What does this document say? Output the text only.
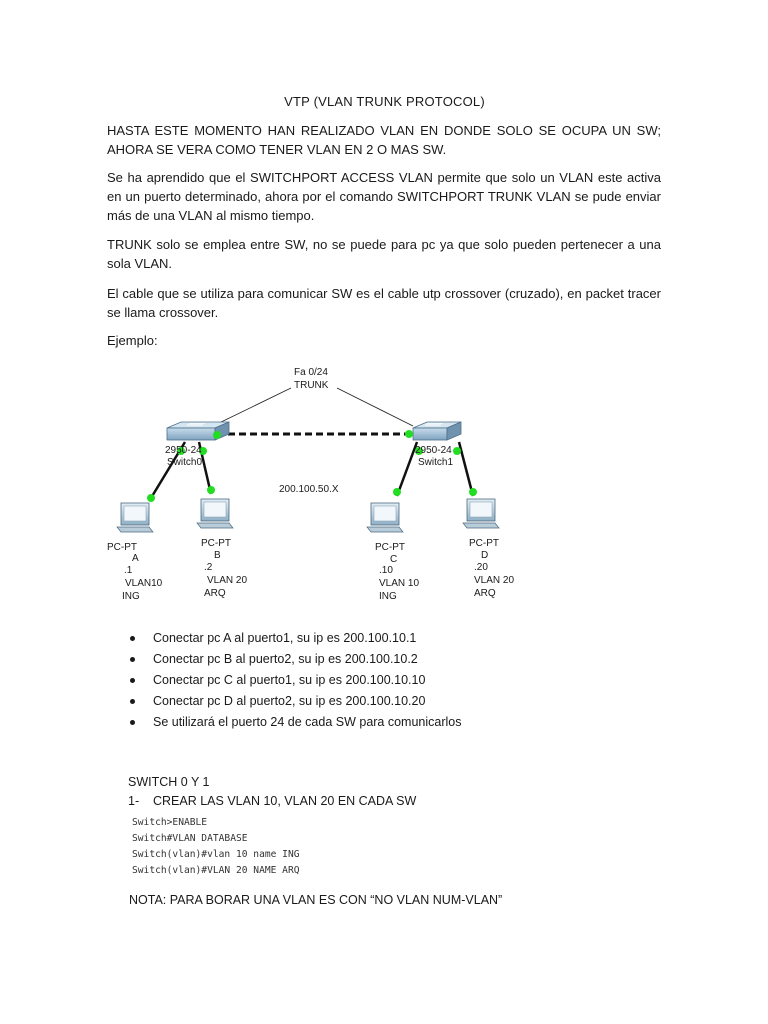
VTP (VLAN TRUNK PROTOCOL)

HASTA ESTE MOMENTO HAN REALIZADO VLAN EN DONDE SOLO SE OCUPA UN SW; AHORA SE VERA COMO TENER VLAN EN 2 O MAS SW.

Se ha aprendido que el SWITCHPORT ACCESS VLAN permite que solo un VLAN este activa en un puerto determinado, ahora por el comando SWITCHPORT TRUNK VLAN se pude enviar más de una VLAN al mismo tiempo.

TRUNK solo se emplea entre SW, no se puede para pc ya que solo pueden pertenecer a una sola VLAN.

El cable que se utiliza para comunicar SW es el cable utp crossover (cruzado), en packet tracer se llama crossover.

Ejemplo:

Fa 0/24
TRUNK
200.100.50.X
2950-24
Switch0
2950-24
Switch1
PC-PT
A
.1
VLAN10
ING
PC-PT
B
.2
VLAN 20
ARQ
PC-PT
C
.10
VLAN 10
ING
PC-PT
D
.20
VLAN 20
ARQ
Conectar pc A al puerto1, su ip es 200.100.10.1
Conectar pc B al puerto2, su ip es 200.100.10.2
Conectar pc C al puerto1, su ip es 200.100.10.10
Conectar pc D al puerto2, su ip es 200.100.10.20
Se utilizará el puerto 24 de cada SW para comunicarlos
SWITCH 0 Y 1
1-    CREAR LAS VLAN 10, VLAN 20 EN CADA SW
Switch>ENABLE
Switch#VLAN DATABASE
Switch(vlan)#vlan 10 name ING
Switch(vlan)#VLAN 20 NAME ARQ
NOTA: PARA BORAR UNA VLAN ES CON “NO VLAN NUM-VLAN”
